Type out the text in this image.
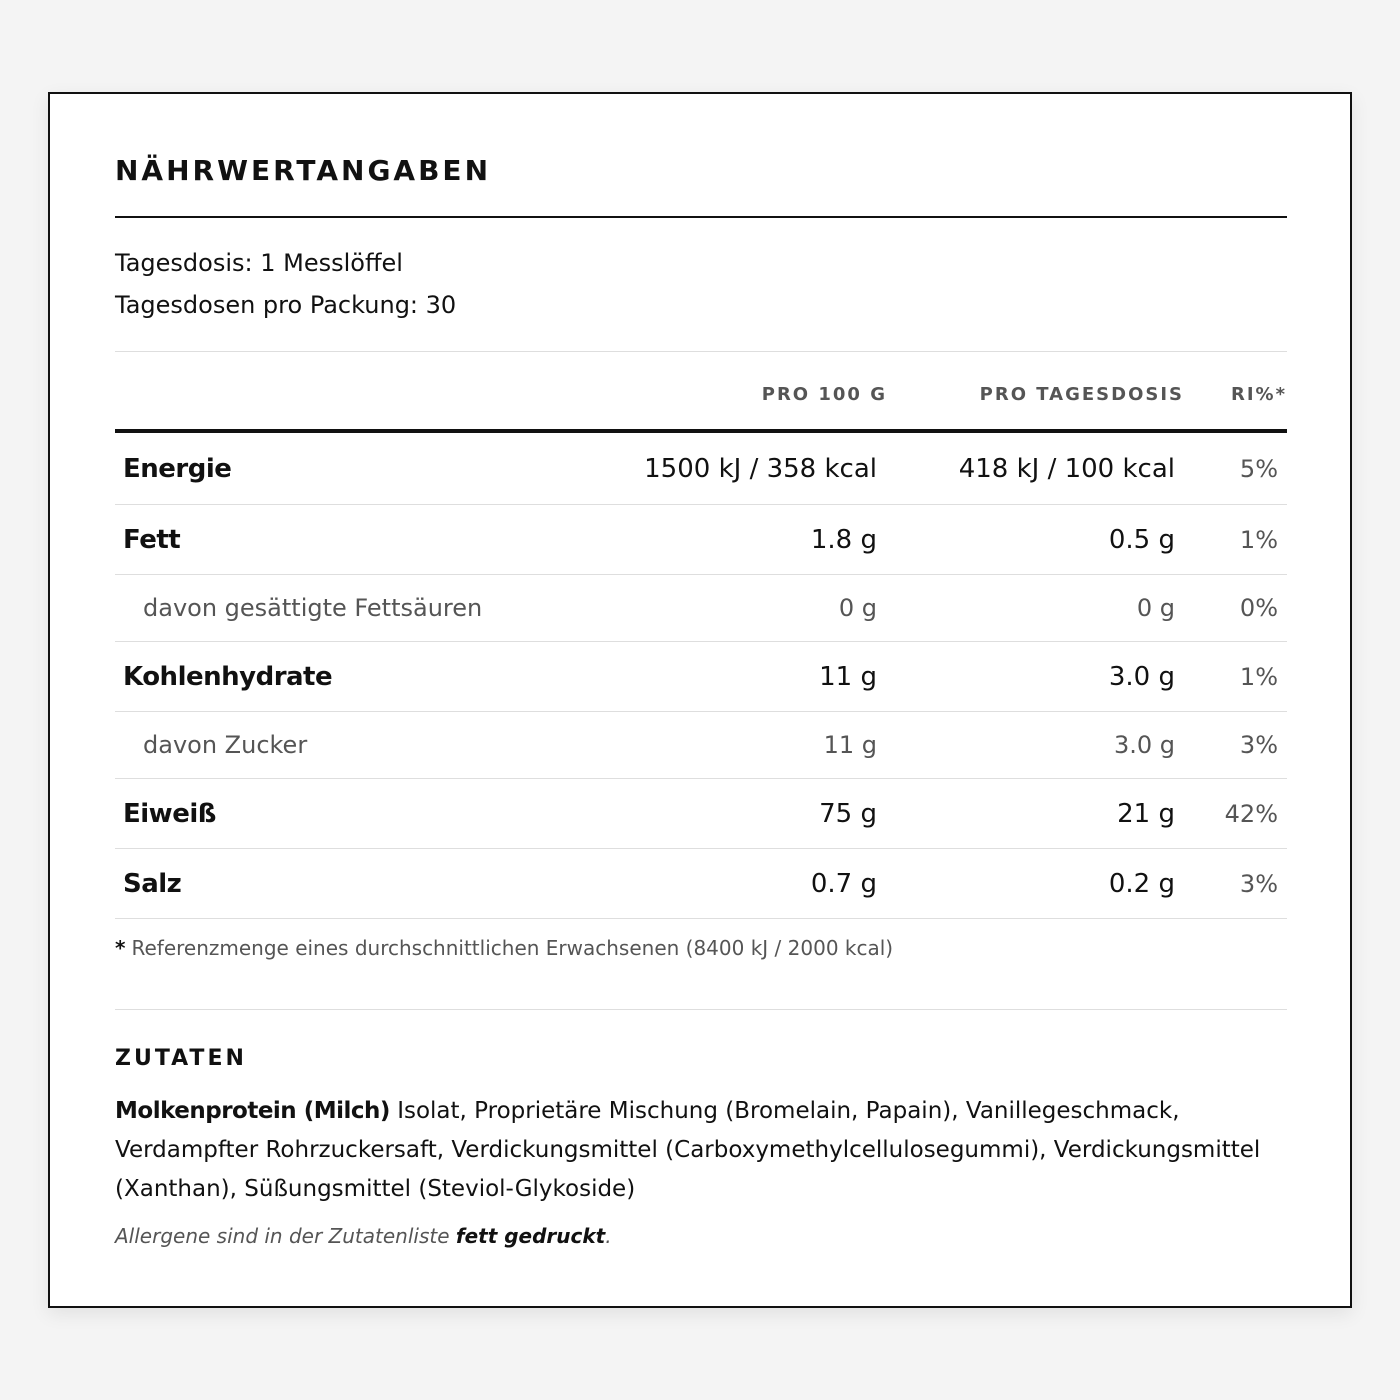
NÄHRWERTANGABEN
Tagesdosis: 1 Messlöffel
Tagesdosen pro Packung: 30
PRO 100 G	PRO TAGESDOSIS	RI%*
Energie	1500 kJ / 358 kcal	418 kJ / 100 kcal	5%
Fett	1.8 g	0.5 g	1%
davon gesättigte Fettsäuren	0 g	0 g	0%
Kohlenhydrate	11 g	3.0 g	1%
davon Zucker	11 g	3.0 g	3%
Eiweiß	75 g	21 g 42%
Salz	0.7 g	0.2 g	3%
* Referenzmenge eines durchschnittlichen Erwachsenen (8400 kJ / 2000 kcal)
ZUTATEN
Molkenprotein (Milch) Isolat, Proprietäre Mischung (Bromelain, Papain), Vanillegeschmack, Verdampfter Rohrzuckersaft, Verdickungsmittel (Carboxymethylcellulosegummi), Verdickungsmittel (Xanthan), Süßungsmittel (Steviol-Glykoside)
Allergene sind in der Zutatenliste fett gedruckt.
